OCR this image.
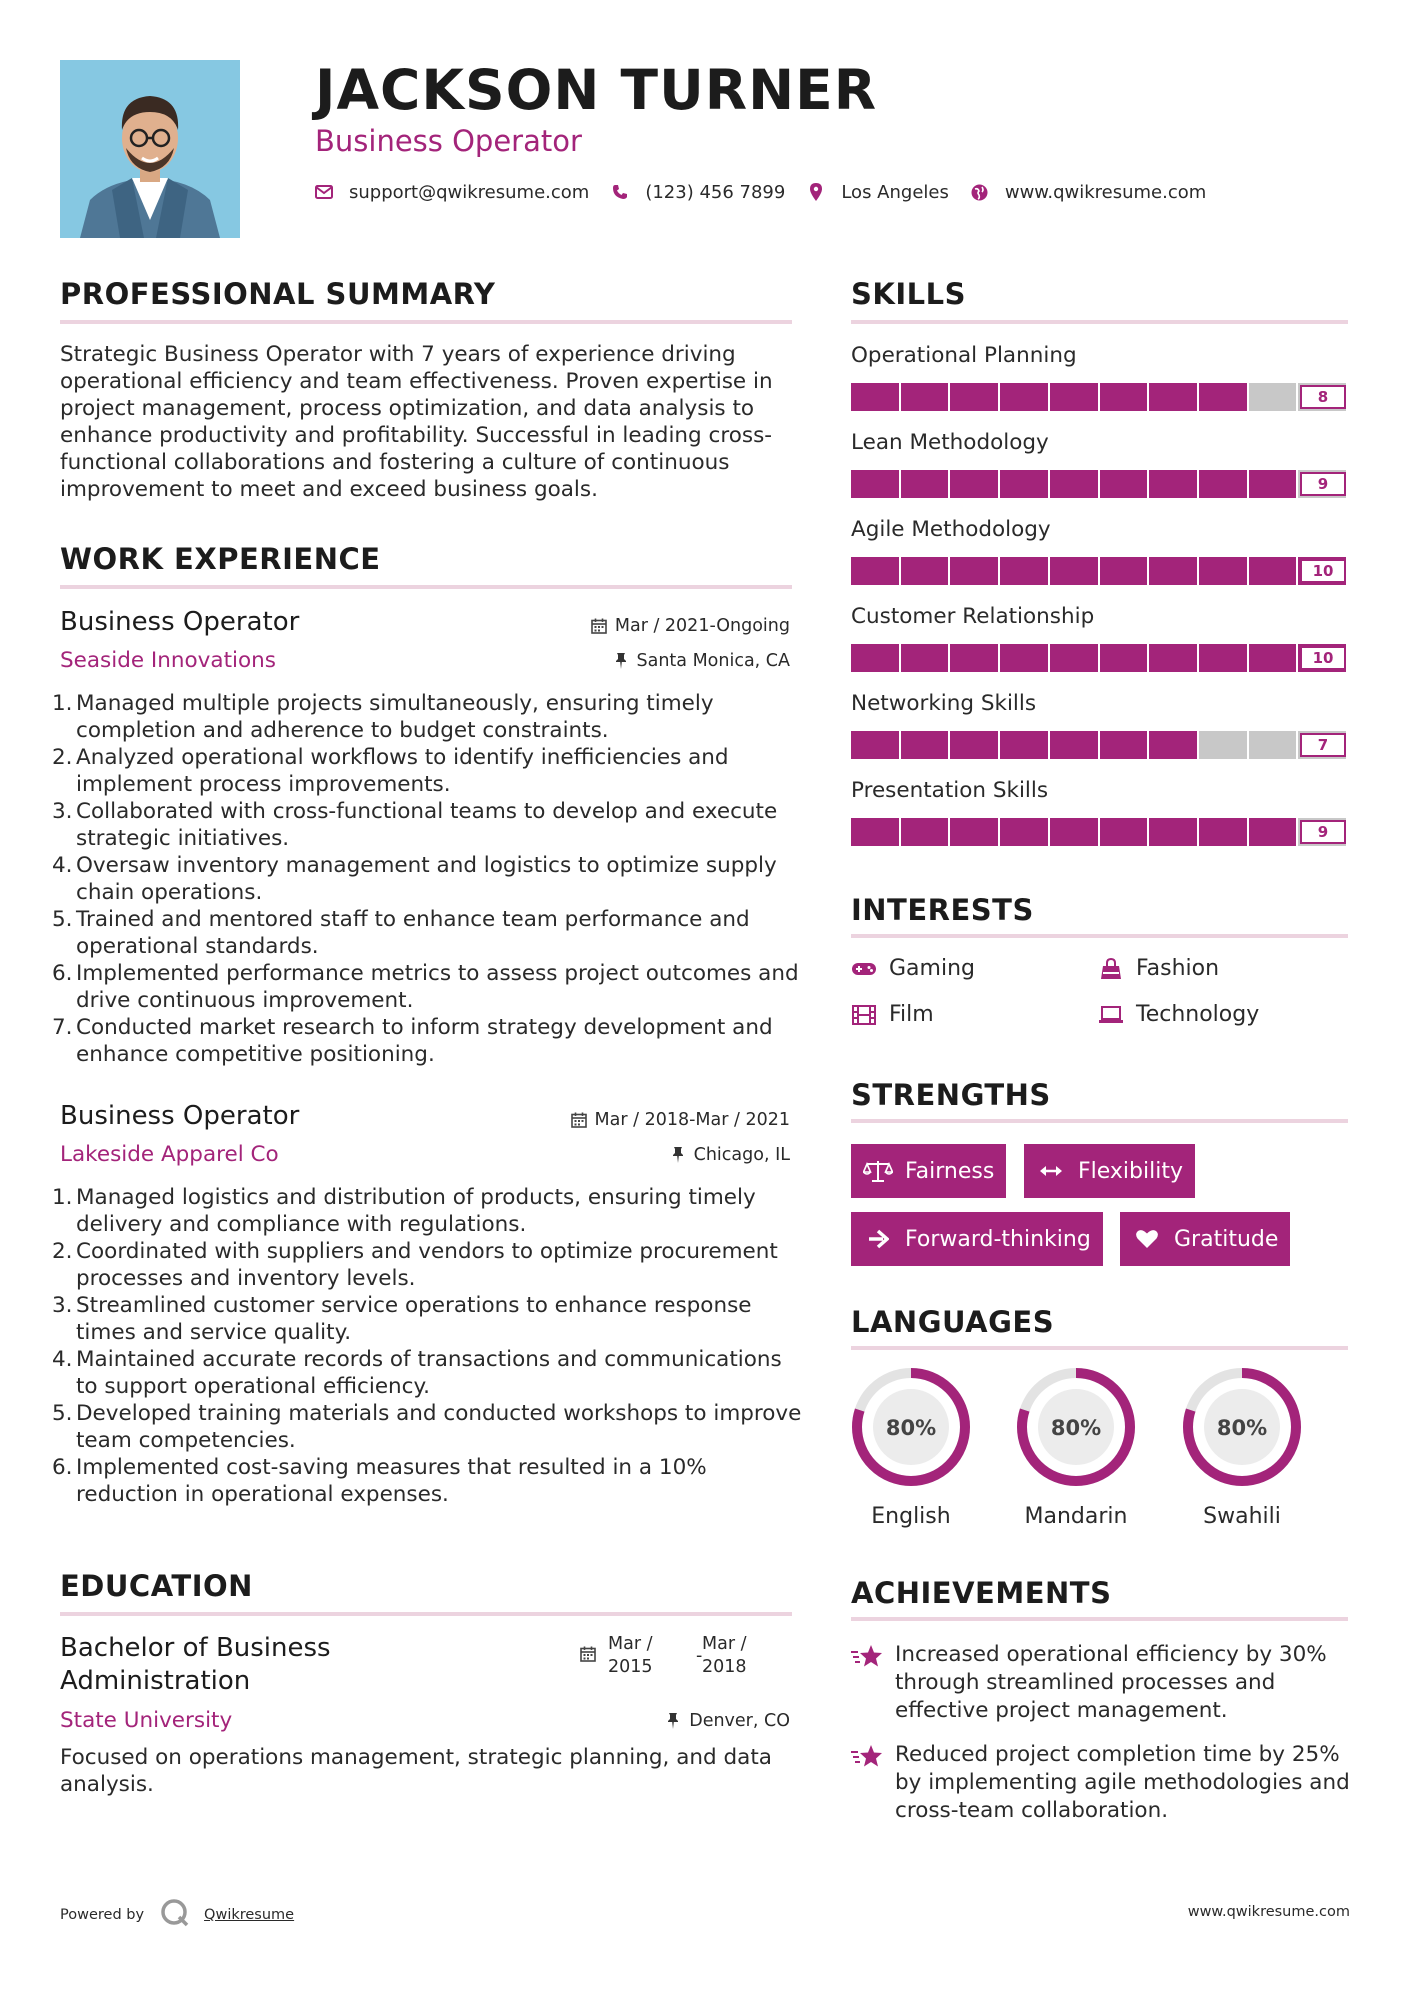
JACKSON TURNER
Business Operator
support@qwikresume.com	(123) 456 7899	Los Angeles	www.qwikresume.com
PROFESSIONAL SUMMARY
Strategic Business Operator with 7 years of experience driving operational efficiency and team effectiveness. Proven expertise in project management, process optimization, and data analysis to enhance productivity and profitability. Successful in leading cross-functional collaborations and fostering a culture of continuous improvement to meet and exceed business goals.
WORK EXPERIENCE
Business Operator	Mar / 2021-Ongoing
Seaside Innovations	Santa Monica, CA
1. Managed multiple projects simultaneously, ensuring timely completion and adherence to budget constraints.
2. Analyzed operational workflows to identify inefficiencies and implement process improvements.
3. Collaborated with cross-functional teams to develop and execute strategic initiatives.
4. Oversaw inventory management and logistics to optimize supply chain operations.
5. Trained and mentored staff to enhance team performance and operational standards.
6. Implemented performance metrics to assess project outcomes and drive continuous improvement.
7. Conducted market research to inform strategy development and enhance competitive positioning.
Business Operator	Mar / 2018-Mar / 2021
Lakeside Apparel Co	Chicago, IL
1. Managed logistics and distribution of products, ensuring timely delivery and compliance with regulations.
2. Coordinated with suppliers and vendors to optimize procurement processes and inventory levels.
3. Streamlined customer service operations to enhance response times and service quality.
4. Maintained accurate records of transactions and communications to support operational efficiency.
5. Developed training materials and conducted workshops to improve team competencies.
6. Implemented cost-saving measures that resulted in a 10% reduction in operational expenses.
EDUCATION
Bachelor of Business
Administration
Mar /
2015
-
Mar /
2018
State University	Denver, CO
Focused on operations management, strategic planning, and data analysis.
SKILLS
Operational Planning
8
Lean Methodology
9
Agile Methodology
10
Customer Relationship
10
Networking Skills
7
Presentation Skills
9
INTERESTS
Gaming	Fashion
Film	Technology
STRENGTHS
Fairness	Flexibility
Forward-thinking	Gratitude
LANGUAGES
80%
English
80%
Mandarin
80%
Swahili
ACHIEVEMENTS
Increased operational efficiency by 30% through streamlined processes and effective project management.
Reduced project completion time by 25% by implementing agile methodologies and cross-team collaboration.
Powered by	Qwikresume	www.qwikresume.com
